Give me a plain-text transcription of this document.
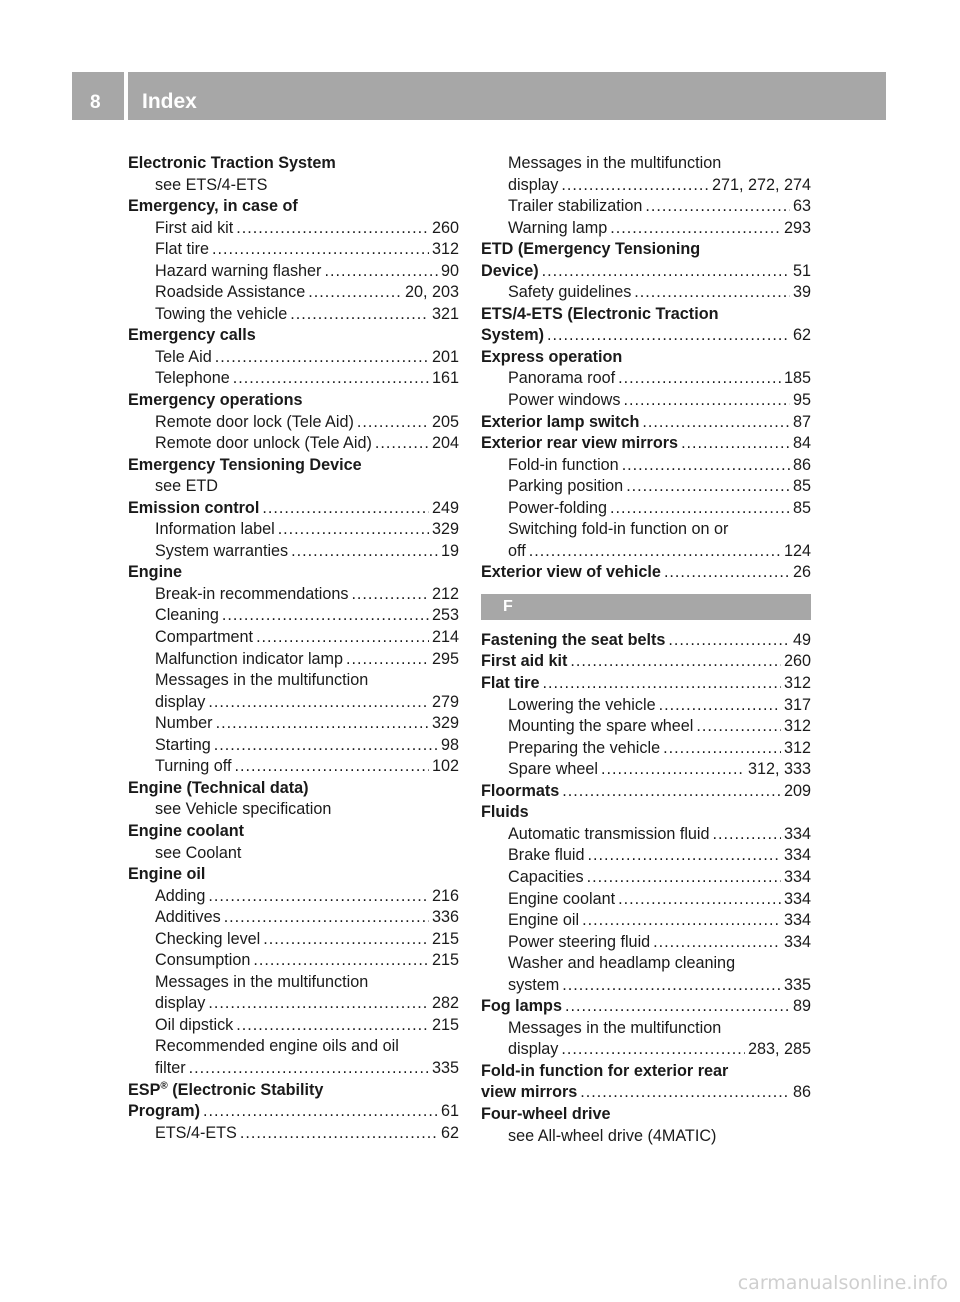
8 Index
Electronic Traction System
see ETS/4-ETS
Emergency, in case of
First aid kit .....	260
Flat tire .....	312
Hazard warning flasher .....	90
Roadside Assistance .....	20, 203
Towing the vehicle .....	321
Emergency calls
Tele Aid .....	201
Telephone .....	161
Emergency operations
Remote door lock (Tele Aid) .....	205
Remote door unlock (Tele Aid) .....	204
Emergency Tensioning Device
see ETD
Emission control .....	249
Information label .....	329
System warranties .....	19
Engine
Break-in recommendations .....	212
Cleaning .....	253
Compartment .....	214
Malfunction indicator lamp .....	295
Messages in the multifunction
display .....	279
Number .....	329
Starting .....	98
Turning off .....	102
Engine (Technical data)
see Vehicle specification
Engine coolant
see Coolant
Engine oil
Adding .....	216
Additives .....	336
Checking level .....	215
Consumption .....	215
Messages in the multifunction
display .....	282
Oil dipstick .....	215
Recommended engine oils and oil
filter .....	335
ESP® (Electronic Stability
Program) .....	61
ETS/4-ETS .....	62
Messages in the multifunction
display .....	271, 272, 274
Trailer stabilization .....	63
Warning lamp .....	293
ETD (Emergency Tensioning
Device) .....	51
Safety guidelines .....	39
ETS/4-ETS (Electronic Traction
System) .....	62
Express operation
Panorama roof .....	185
Power windows .....	95
Exterior lamp switch .....	87
Exterior rear view mirrors .....	84
Fold-in function .....	86
Parking position .....	85
Power-folding .....	85
Switching fold-in function on or
off .....	124
Exterior view of vehicle .....	26
F
Fastening the seat belts .....	49
First aid kit .....	260
Flat tire .....	312
Lowering the vehicle .....	317
Mounting the spare wheel .....	312
Preparing the vehicle .....	312
Spare wheel .....	312, 333
Floormats .....	209
Fluids
Automatic transmission fluid .....	334
Brake fluid .....	334
Capacities .....	334
Engine coolant .....	334
Engine oil .....	334
Power steering fluid .....	334
Washer and headlamp cleaning
system .....	335
Fog lamps .....	89
Messages in the multifunction
display .....	283, 285
Fold-in function for exterior rear
view mirrors .....	86
Four-wheel drive
see All-wheel drive (4MATIC)
carmanualsonline.info
